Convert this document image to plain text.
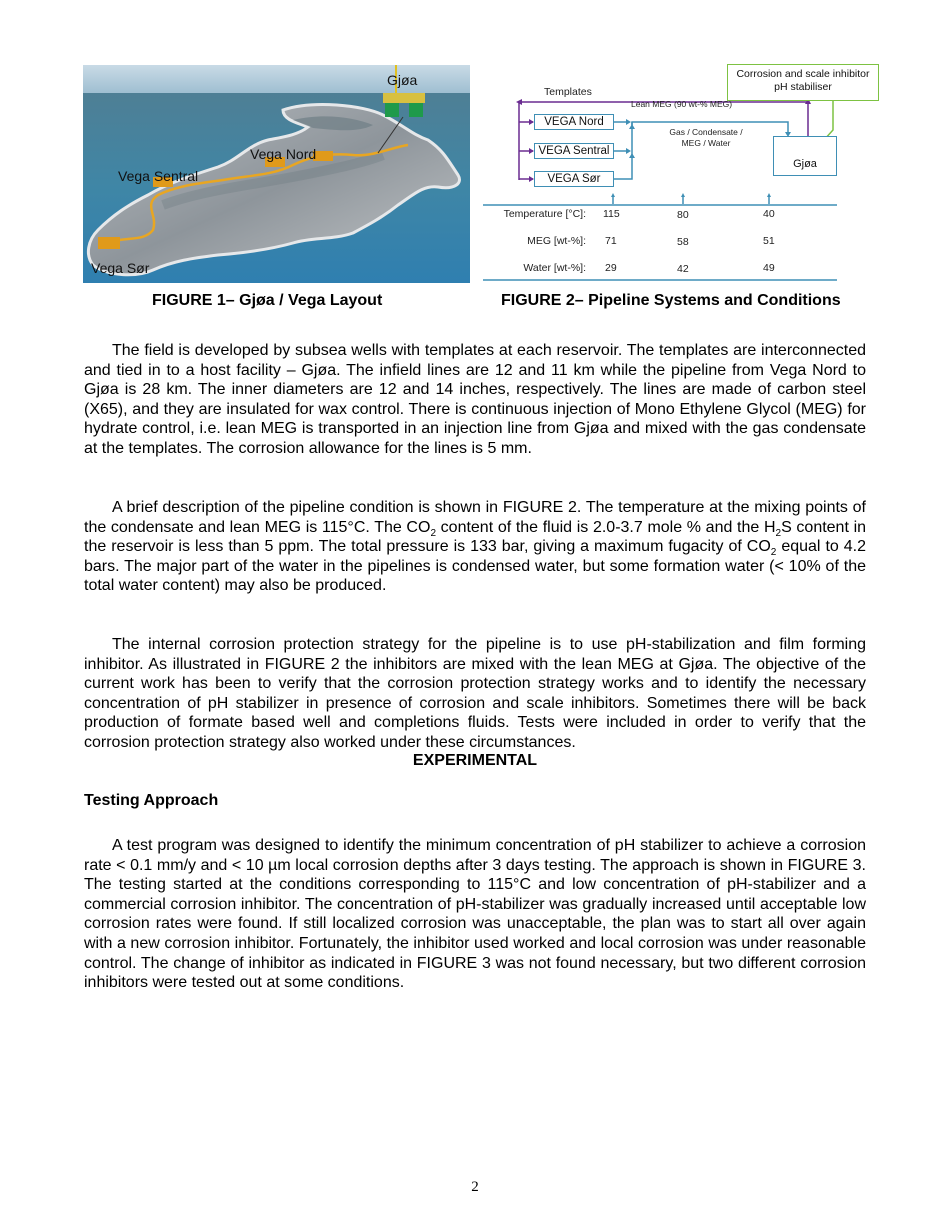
Gjøa
Vega Nord
Vega Sentral
Vega Sør
Corrosion and scale inhibitor
pH stabiliser
Templates
Lean MEG (90 wt-% MEG)
VEGA Nord
VEGA Sentral
VEGA Sør
Gas / Condensate /
MEG / Water
Gjøa
Temperature [°C]: 115	80	40
MEG [wt-%]: 71	58	51
Water [wt-%]: 29	42	49
FIGURE 1– Gjøa / Vega Layout	FIGURE 2– Pipeline Systems and Conditions

The field is developed by subsea wells with templates at each reservoir. The templates are interconnected and tied in to a host facility – Gjøa. The infield lines are 12 and 11 km while the pipeline from Vega Nord to Gjøa is 28 km. The inner diameters are 12 and 14 inches, respectively. The lines are made of carbon steel (X65), and they are insulated for wax control. There is continuous injection of Mono Ethylene Glycol (MEG) for hydrate control, i.e. lean MEG is transported in an injection line from Gjøa and mixed with the gas condensate at the templates. The corrosion allowance for the lines is 5 mm.

A brief description of the pipeline condition is shown in FIGURE 2. The temperature at the mixing points of the condensate and lean MEG is 115°C. The $CO_2$ content of the fluid is 2.0-3.7 mole % and the $H_2S$ content in the reservoir is less than 5 ppm. The total pressure is 133 bar, giving a maximum fugacity of $CO_2$ equal to 4.2 bars. The major part of the water in the pipelines is condensed water, but some formation water (< 10% of the total water content) may also be produced.

The internal corrosion protection strategy for the pipeline is to use pH-stabilization and film forming inhibitor. As illustrated in FIGURE 2 the inhibitors are mixed with the lean MEG at Gjøa. The objective of the current work has been to verify that the corrosion protection strategy works and to identify the necessary concentration of pH stabilizer in presence of corrosion and scale inhibitors. Sometimes there will be back production of formate based well and completions fluids. Tests were included in order to verify that the corrosion protection strategy also worked under these circumstances.

EXPERIMENTAL
Testing Approach

A test program was designed to identify the minimum concentration of pH stabilizer to achieve a corrosion rate < 0.1 mm/y and < 10 µm local corrosion depths after 3 days testing. The approach is shown in FIGURE 3. The testing started at the conditions corresponding to 115°C and low concentration of pH-stabilizer and a commercial corrosion inhibitor. The concentration of pH-stabilizer was gradually increased until acceptable low corrosion rates were found. If still localized corrosion was unacceptable, the plan was to start all over again with a new corrosion inhibitor. Fortunately, the inhibitor used worked and local corrosion was under reasonable control. The change of inhibitor as indicated in FIGURE 3 was not found necessary, but two different corrosion inhibitors were tested out at some conditions.

2
